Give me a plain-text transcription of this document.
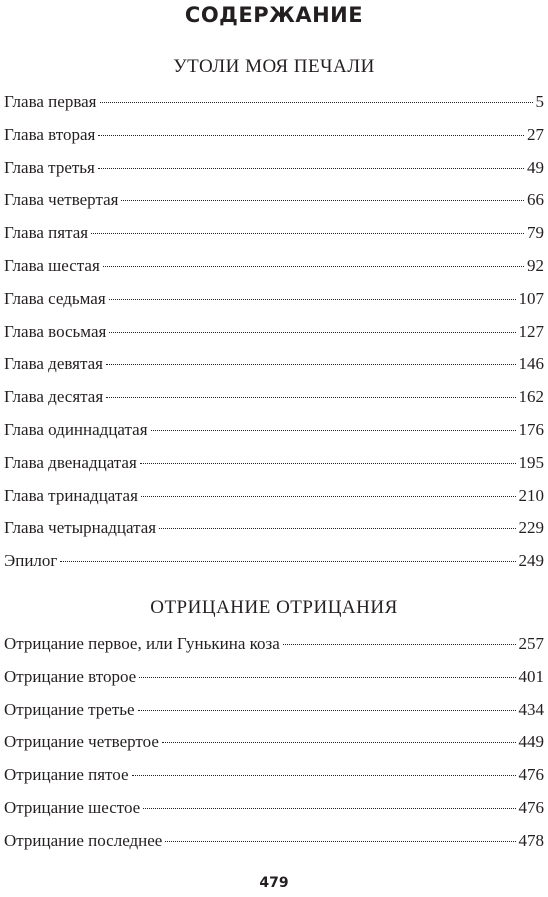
СОДЕРЖАНИЕ
УТОЛИ МОЯ ПЕЧАЛИ
Глава первая	5
Глава вторая	27
Глава третья	49
Глава четвертая	66
Глава пятая	79
Глава шестая	92
Глава седьмая	107
Глава восьмая	127
Глава девятая	146
Глава десятая	162
Глава одиннадцатая	176
Глава двенадцатая	195
Глава тринадцатая	210
Глава четырнадцатая	229
Эпилог	249
ОТРИЦАНИЕ ОТРИЦАНИЯ
Отрицание первое, или Гунькина коза	257
Отрицание второе	401
Отрицание третье	434
Отрицание четвертое	449
Отрицание пятое	476
Отрицание шестое	476
Отрицание последнее	478
479
